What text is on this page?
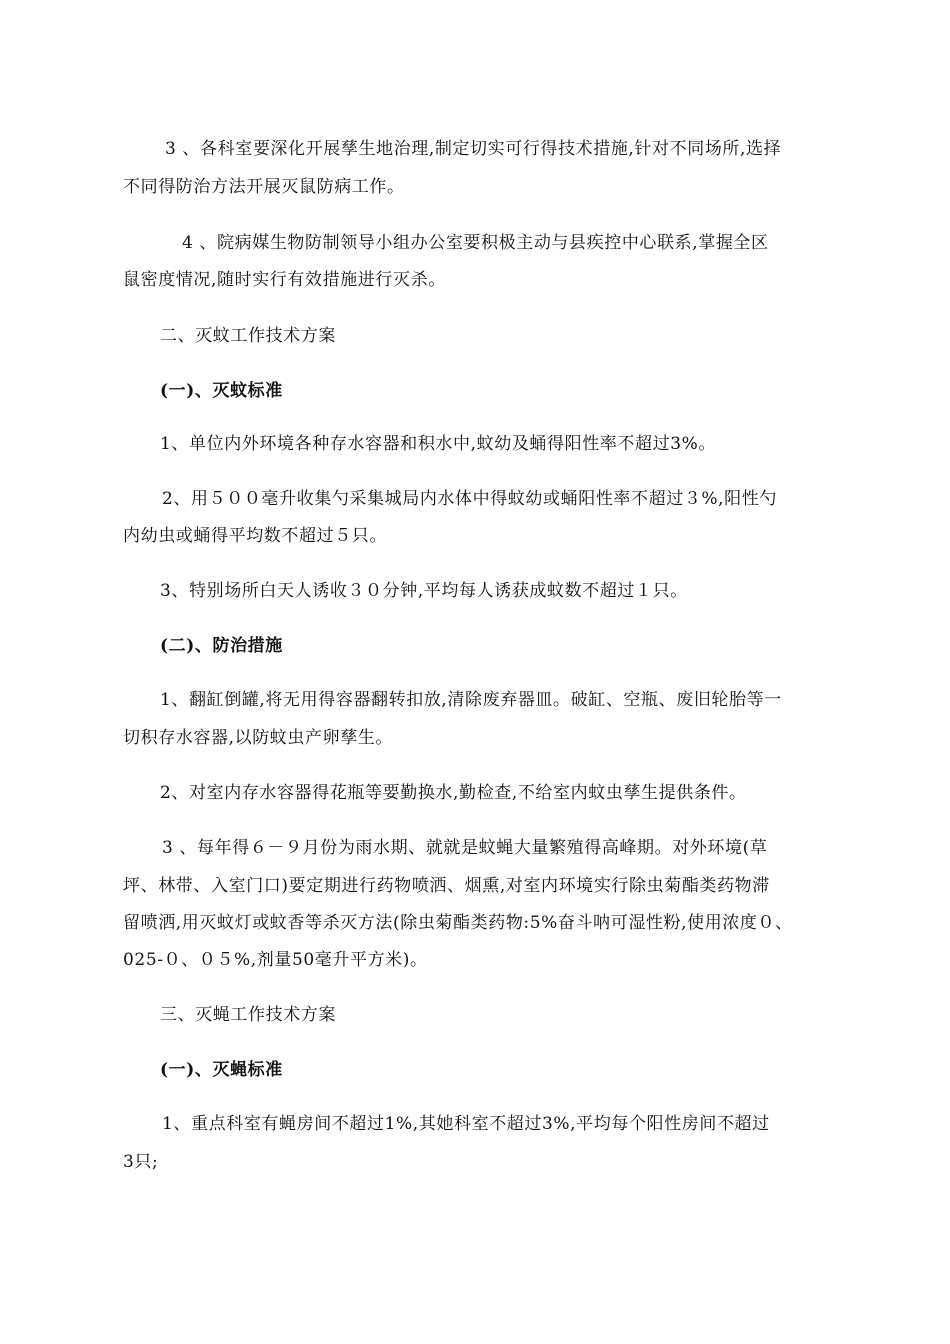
3 、各科室要深化开展孳生地治理,制定切实可行得技术措施,针对不同场所,选择
不同得防治方法开展灭鼠防病工作。
4 、院病媒生物防制领导小组办公室要积极主动与县疾控中心联系,掌握全区
鼠密度情况,随时实行有效措施进行灭杀。
二、灭蚊工作技术方案
(一)、灭蚊标准
1、单位内外环境各种存水容器和积水中,蚊幼及蛹得阳性率不超过3%。
2、用５００毫升收集勺采集城局内水体中得蚊幼或蛹阳性率不超过３%,阳性勺
内幼虫或蛹得平均数不超过５只。
3、特别场所白天人诱收３０分钟,平均每人诱获成蚊数不超过１只。
(二)、防治措施
1、翻缸倒罐,将无用得容器翻转扣放,清除废弃器皿。破缸、空瓶、废旧轮胎等一
切积存水容器,以防蚊虫产卵孳生。
2、对室内存水容器得花瓶等要勤换水,勤检查,不给室内蚊虫孳生提供条件。
3 、每年得６－９月份为雨水期、就就是蚊蝇大量繁殖得高峰期。对外环境(草
坪、林带、入室门口)要定期进行药物喷洒、烟熏,对室内环境实行除虫菊酯类药物滞
留喷洒,用灭蚊灯或蚊香等杀灭方法(除虫菊酯类药物:5%奋斗呐可湿性粉,使用浓度０、
025-０、０５%,剂量50毫升平方米)。
三、灭蝇工作技术方案
(一)、灭蝇标准
1、重点科室有蝇房间不超过1%,其她科室不超过3%,平均每个阳性房间不超过
3只;
